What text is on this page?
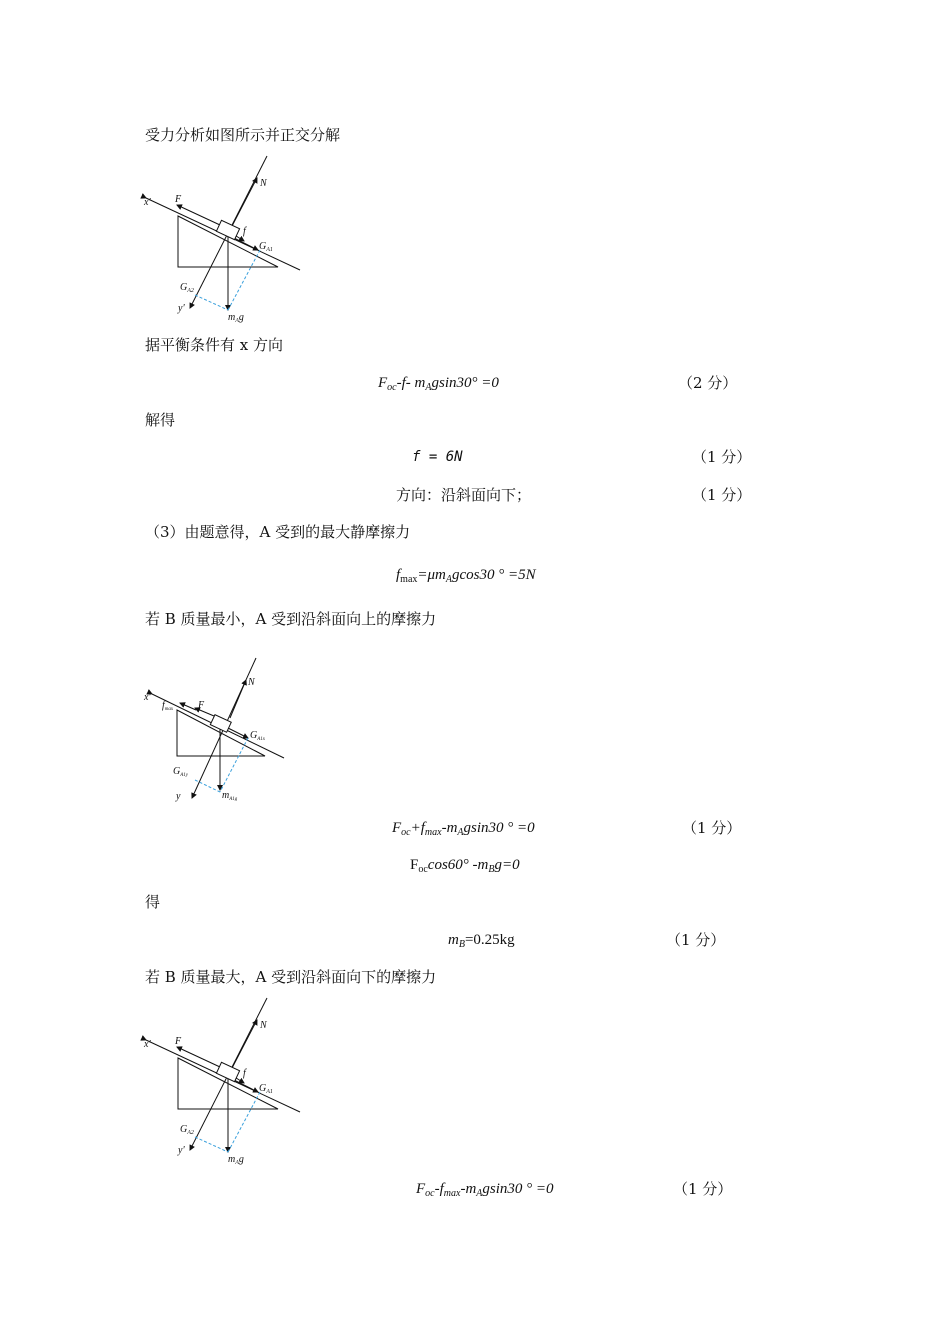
受力分析如图所示并正交分解
x' F
N
f
$G_{A1}$
$G_{A2}$
y'
$m_Ag$
据平衡条件有 x 方向
$F_{oc}-f-$ $m_Agsin30^\circ =0$	（2 分）
解得
f = 6N	（1 分）
方向：沿斜面向下；	（1 分）
（3）由题意得，A 受到的最大静摩擦力
$f_{max}=\mu m_Agcos30$ ° =5N
若 B 质量最小，A 受到沿斜面向上的摩擦力
x'
F
$f_{max}$
N
$G_{A1x}$
$G_{A1y}$
y	$m_{A1g}$
$F_{oc}+f_{max}-m_Agsin30$ ° =0	（1 分）
$F_{oc}\cos 60^\circ$ $-m_Bg=0$
得
$m_B=0.25kg$	（1 分）
若 B 质量最大，A 受到沿斜面向下的摩擦力
x' F
N
f
$G_{A1}$
$G_{A2}$
y'
$m_Ag$
$F_{oc}-f_{max}-m_Agsin30$ ° =0	（1 分）
